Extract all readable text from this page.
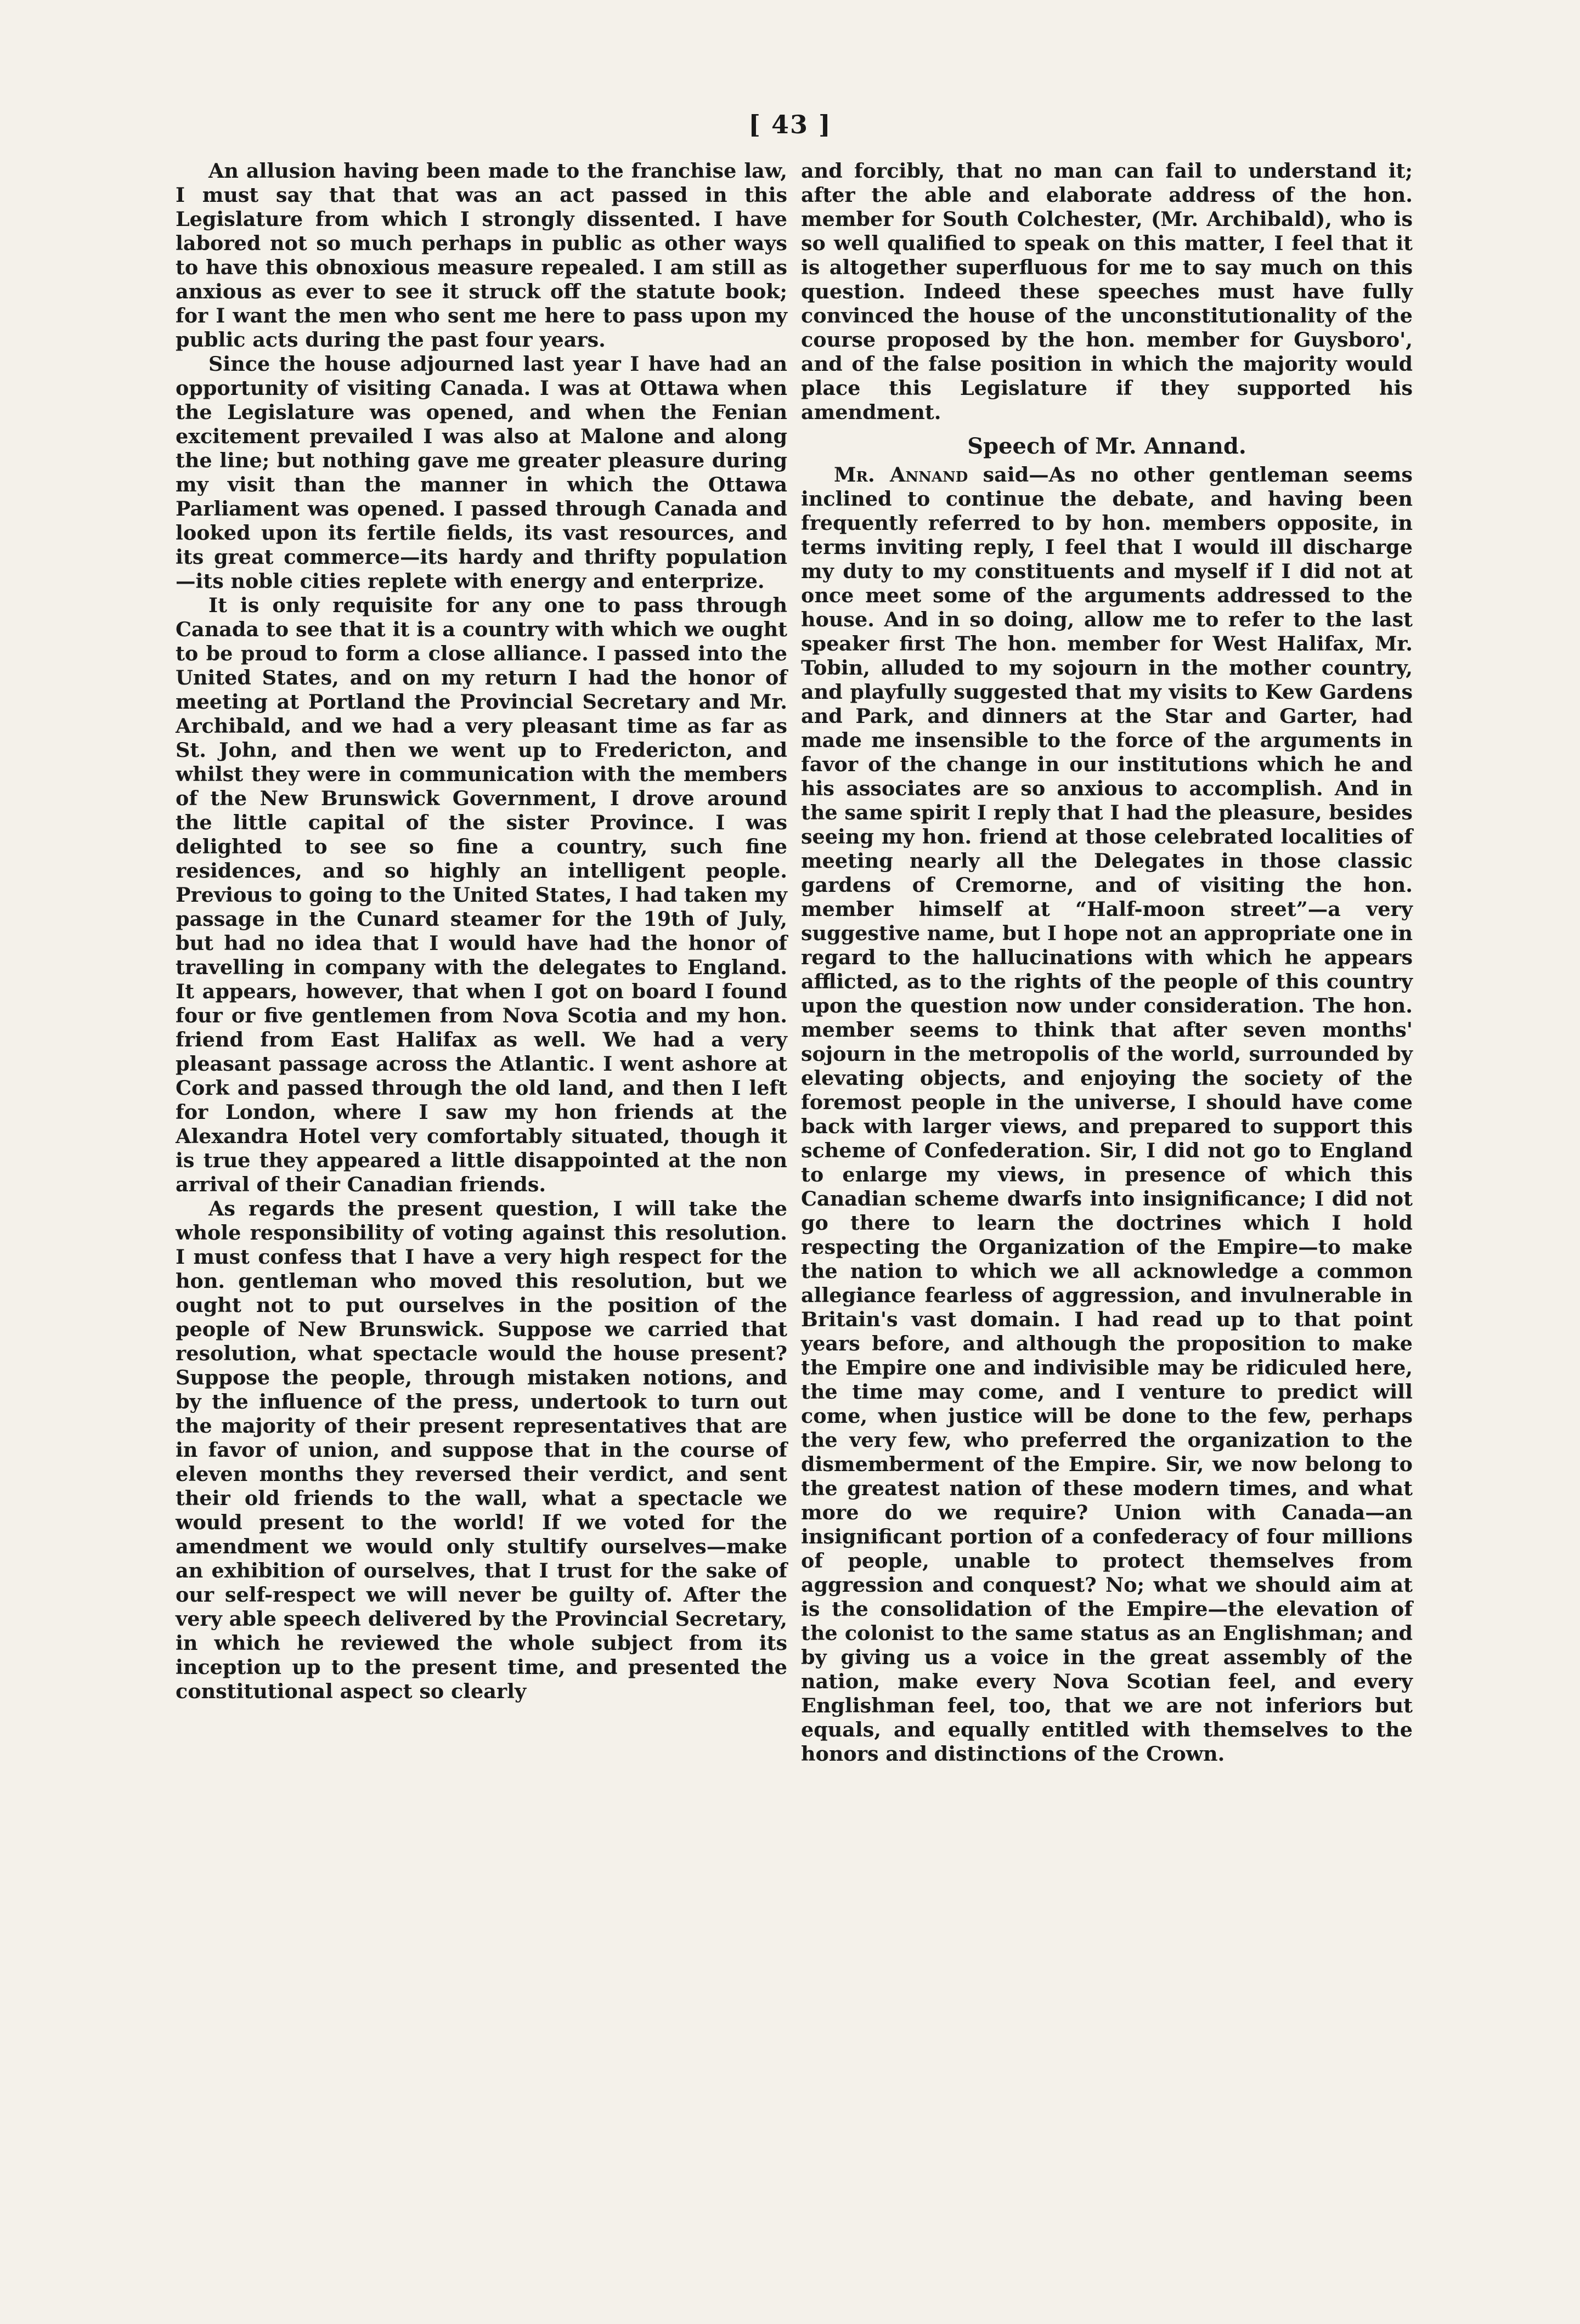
[ 43 ]

An allusion having been made to the franchise law, I must say that that was an act passed in this Legislature from which I strongly dissented. I have labored not so much perhaps in public as other ways to have this obnoxious measure repealed. I am still as anxious as ever to see it struck off the statute book; for I want the men who sent me here to pass upon my public acts during the past four years.

Since the house adjourned last year I have had an opportunity of visiting Canada. I was at Ottawa when the Legislature was opened, and when the Fenian excitement prevailed I was also at Malone and along the line; but nothing gave me greater pleasure during my visit than the manner in which the Ottawa Parliament was opened. I passed through Canada and looked upon its fertile fields, its vast resources, and its great commerce—its hardy and thrifty population—its noble cities replete with energy and enterprize.

It is only requisite for any one to pass through Canada to see that it is a country with which we ought to be proud to form a close alliance. I passed into the United States, and on my return I had the honor of meeting at Portland the Provincial Secretary and Mr. Archibald, and we had a very pleasant time as far as St. John, and then we went up to Fredericton, and whilst they were in communication with the members of the New Brunswick Government, I drove around the little capital of the sister Province. I was delighted to see so fine a country, such fine residences, and so highly an intelligent people. Previous to going to the United States, I had taken my passage in the Cunard steamer for the 19th of July, but had no idea that I would have had the honor of travelling in company with the delegates to England. It appears, however, that when I got on board I found four or five gentlemen from Nova Scotia and my hon. friend from East Halifax as well. We had a very pleasant passage across the Atlantic. I went ashore at Cork and passed through the old land, and then I left for London, where I saw my hon friends at the Alexandra Hotel very comfortably situated, though it is true they appeared a little disappointed at the non arrival of their Canadian friends.

As regards the present question, I will take the whole responsibility of voting against this resolution. I must confess that I have a very high respect for the hon. gentleman who moved this resolution, but we ought not to put ourselves in the position of the people of New Brunswick. Suppose we carried that resolution, what spectacle would the house present? Suppose the people, through mistaken notions, and by the influence of the press, undertook to turn out the majority of their present representatives that are in favor of union, and suppose that in the course of eleven months they reversed their verdict, and sent their old friends to the wall, what a spectacle we would present to the world! If we voted for the amendment we would only stultify ourselves—make an exhibition of ourselves, that I trust for the sake of our self-respect we will never be guilty of. After the very able speech delivered by the Provincial Secretary, in which he reviewed the whole subject from its inception up to the present time, and presented the constitutional aspect so clearly

and forcibly, that no man can fail to understand it; after the able and elaborate address of the hon. member for South Colchester, (Mr. Archibald), who is so well qualified to speak on this matter, I feel that it is altogether superfluous for me to say much on this question. Indeed these speeches must have fully convinced the house of the unconstitutionality of the course proposed by the hon. member for Guysboro', and of the false position in which the majority would place this Legislature if they supported his amendment.

Speech of Mr. Annand.

Mr. Annand said—As no other gentleman seems inclined to continue the debate, and having been frequently referred to by hon. members opposite, in terms inviting reply, I feel that I would ill discharge my duty to my constituents and myself if I did not at once meet some of the arguments addressed to the house. And in so doing, allow me to refer to the last speaker first The hon. member for West Halifax, Mr. Tobin, alluded to my sojourn in the mother country, and playfully suggested that my visits to Kew Gardens and Park, and dinners at the Star and Garter, had made me insensible to the force of the arguments in favor of the change in our institutions which he and his associates are so anxious to accomplish. And in the same spirit I reply that I had the pleasure, besides seeing my hon. friend at those celebrated localities of meeting nearly all the Delegates in those classic gardens of Cremorne, and of visiting the hon. member himself at “Half-moon street”—a very suggestive name, but I hope not an appropriate one in regard to the hallucinations with which he appears afflicted, as to the rights of the people of this country upon the question now under consideration. The hon. member seems to think that after seven months' sojourn in the metropolis of the world, surrounded by elevating objects, and enjoying the society of the foremost people in the universe, I should have come back with larger views, and prepared to support this scheme of Confederation. Sir, I did not go to England to enlarge my views, in presence of which this Canadian scheme dwarfs into insignificance; I did not go there to learn the doctrines which I hold respecting the Organization of the Empire—to make the nation to which we all acknowledge a common allegiance fearless of aggression, and invulnerable in Britain's vast domain. I had read up to that point years before, and although the proposition to make the Empire one and indivisible may be ridiculed here, the time may come, and I venture to predict will come, when justice will be done to the few, perhaps the very few, who preferred the organization to the dismemberment of the Empire. Sir, we now belong to the greatest nation of these modern times, and what more do we require? Union with Canada—an insignificant portion of a confederacy of four millions of people, unable to protect themselves from aggression and conquest? No; what we should aim at is the consolidation of the Empire—the elevation of the colonist to the same status as an Englishman; and by giving us a voice in the great assembly of the nation, make every Nova Scotian feel, and every Englishman feel, too, that we are not inferiors but equals, and equally entitled with themselves to the honors and distinctions of the Crown.
